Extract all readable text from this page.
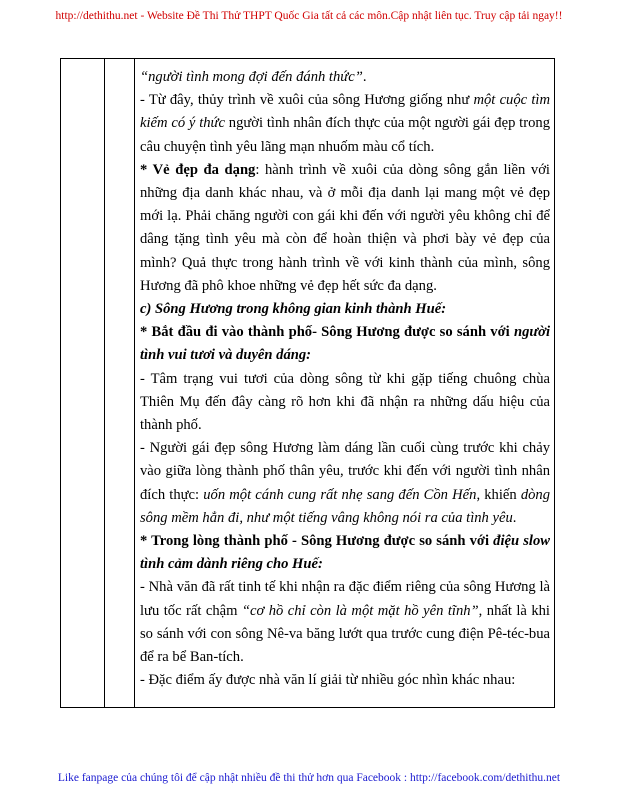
http://dethithu.net - Website Đề Thi Thử THPT Quốc Gia tất cả các môn.Cập nhật liên tục. Truy cập tải ngay!!

“người tình mong đợi đến đánh thức”.

- Từ đây, thủy trình về xuôi của sông Hương giống như một cuộc tìm kiếm có ý thức người tình nhân đích thực của một người gái đẹp trong câu chuyện tình yêu lãng mạn nhuốm màu cổ tích.

* Vẻ đẹp đa dạng: hành trình về xuôi của dòng sông gắn liền với những địa danh khác nhau, và ở mỗi địa danh lại mang một vẻ đẹp mới lạ. Phải chăng người con gái khi đến với người yêu không chỉ để dâng tặng tình yêu mà còn để hoàn thiện và phơi bày vẻ đẹp của mình? Quả thực trong hành trình về với kinh thành của mình, sông Hương đã phô khoe những vẻ đẹp hết sức đa dạng.

c) Sông Hương trong không gian kinh thành Huế:

* Bắt đầu đi vào thành phố- Sông Hương được so sánh với người tình vui tươi và duyên dáng:

- Tâm trạng vui tươi của dòng sông từ khi gặp tiếng chuông chùa Thiên Mụ đến đây càng rõ hơn khi đã nhận ra những dấu hiệu của thành phố.

- Người gái đẹp sông Hương làm dáng lần cuối cùng trước khi chảy vào giữa lòng thành phố thân yêu, trước khi đến với người tình nhân đích thực: uốn một cánh cung rất nhẹ sang đến Cồn Hến, khiến dòng sông mềm hẳn đi, như một tiếng vâng không nói ra của tình yêu.

* Trong lòng thành phố - Sông Hương được so sánh với điệu slow tình cảm dành riêng cho Huế:

- Nhà văn đã rất tinh tế khi nhận ra đặc điểm riêng của sông Hương là lưu tốc rất chậm “cơ hồ chỉ còn là một mặt hồ yên tĩnh”, nhất là khi so sánh với con sông Nê-va băng lướt qua trước cung điện Pê-téc-bua để ra bể Ban-tích.

- Đặc điểm ấy được nhà văn lí giải từ nhiều góc nhìn khác nhau:

Like fanpage của chúng tôi để cập nhật nhiều đề thi thử hơn qua Facebook : http://facebook.com/dethithu.net
